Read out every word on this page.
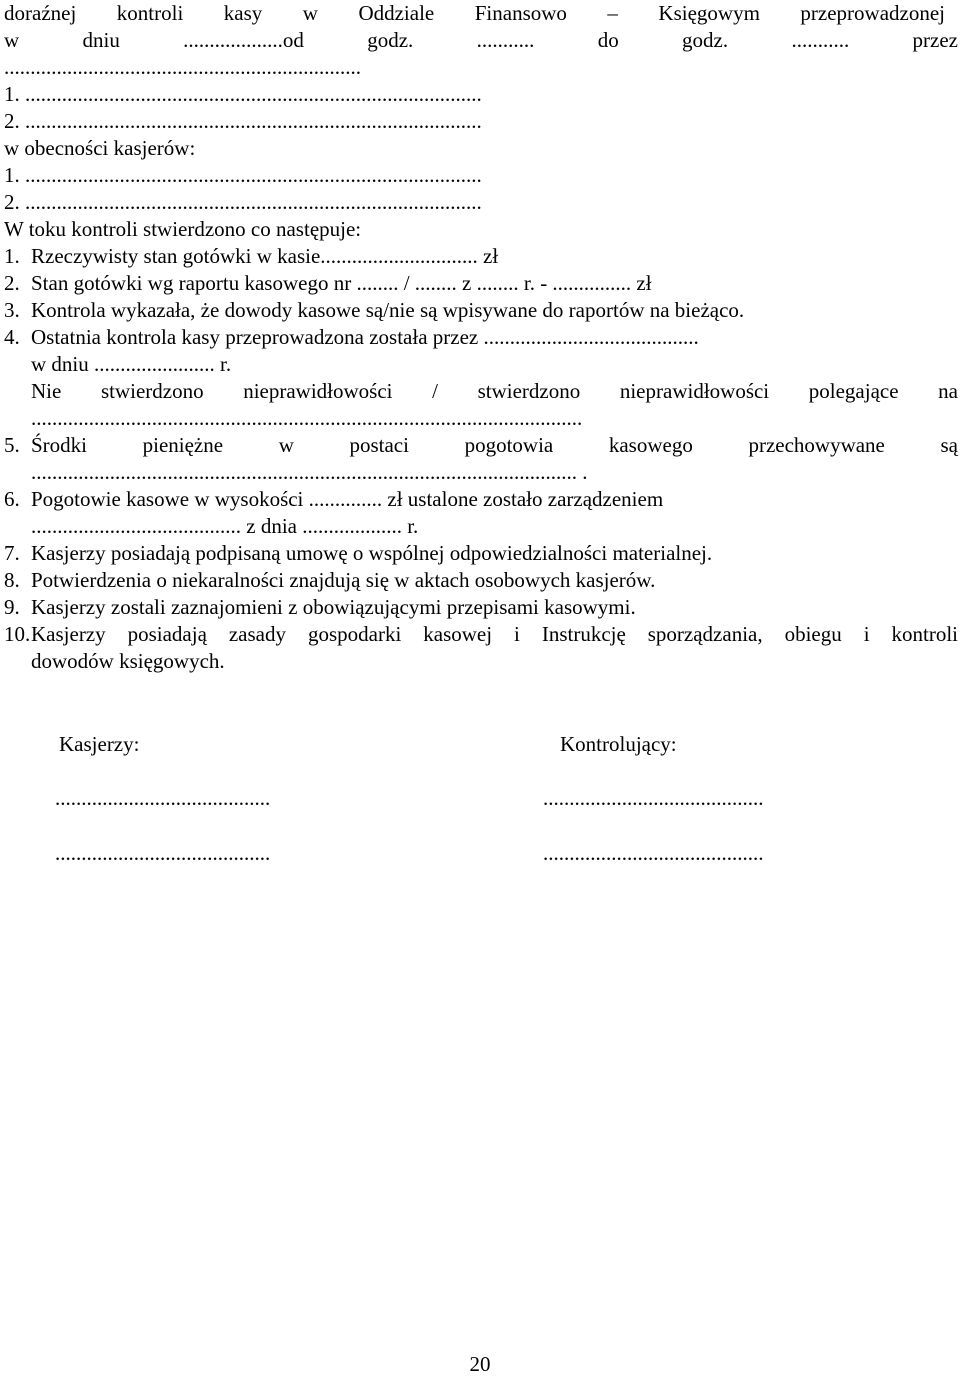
doraźnej kontroli kasy w Oddziale Finansowo – Księgowym przeprowadzonej
w dniu ...................od godz. ........... do godz. ........... przez
....................................................................
1. .......................................................................................
2. .......................................................................................
w obecności kasjerów:
1. .......................................................................................
2. .......................................................................................
W toku kontroli stwierdzono co następuje:
1. Rzeczywisty stan gotówki w kasie.............................. zł
2. Stan gotówki wg raportu kasowego nr ........ / ........ z ........ r. - ............... zł
3. Kontrola wykazała, że dowody kasowe są/nie są wpisywane do raportów na bieżąco.
4. Ostatnia kontrola kasy przeprowadzona została przez .........................................
w dniu ....................... r.
Nie stwierdzono nieprawidłowości / stwierdzono nieprawidłowości polegające na
.........................................................................................................
5. Środki pieniężne w postaci pogotowia kasowego przechowywane są
........................................................................................................ .
6. Pogotowie kasowe w wysokości .............. zł ustalone zostało zarządzeniem
........................................ z dnia ................... r.
7. Kasjerzy posiadają podpisaną umowę o wspólnej odpowiedzialności materialnej.
8. Potwierdzenia o niekaralności znajdują się w aktach osobowych kasjerów.
9. Kasjerzy zostali zaznajomieni z obowiązującymi przepisami kasowymi.
10. Kasjerzy posiadają zasady gospodarki kasowej i Instrukcję sporządzania, obiegu i kontroli
dowodów księgowych.
Kasjerzy:	Kontrolujący:
.........................................	..........................................
.........................................	..........................................
20
